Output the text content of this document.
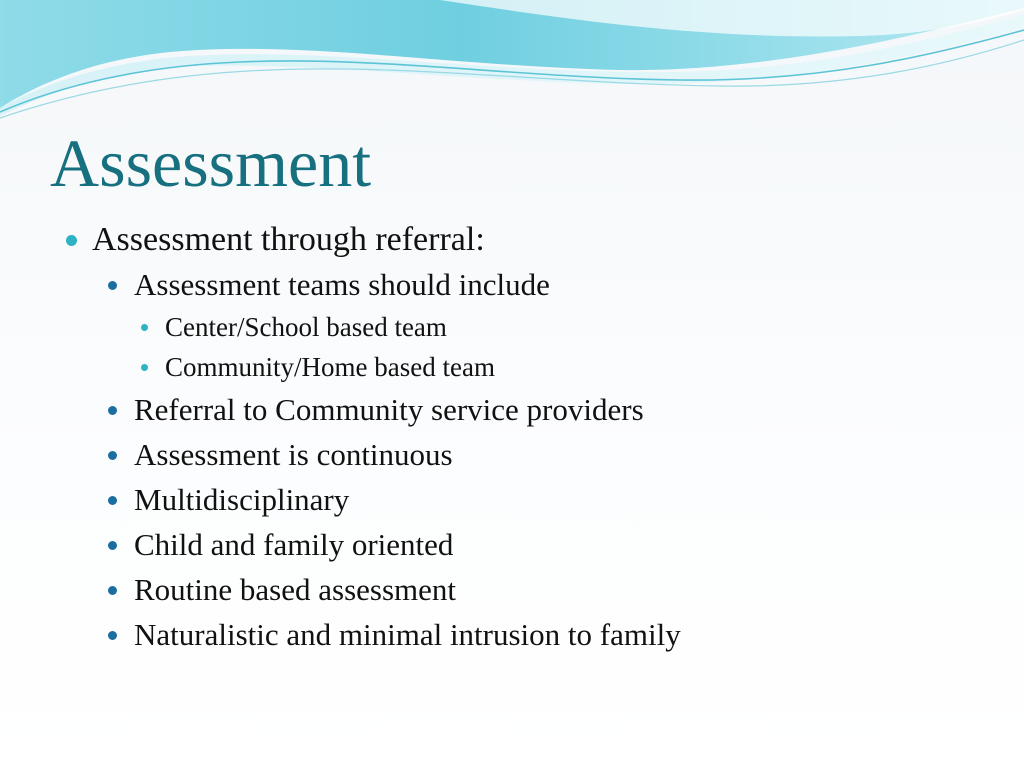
Assessment
Assessment through referral:
Assessment teams should include
Center/School based team
Community/Home based team
Referral to Community service providers
Assessment is continuous
Multidisciplinary
Child and family oriented
Routine based assessment
Naturalistic and minimal intrusion to family
